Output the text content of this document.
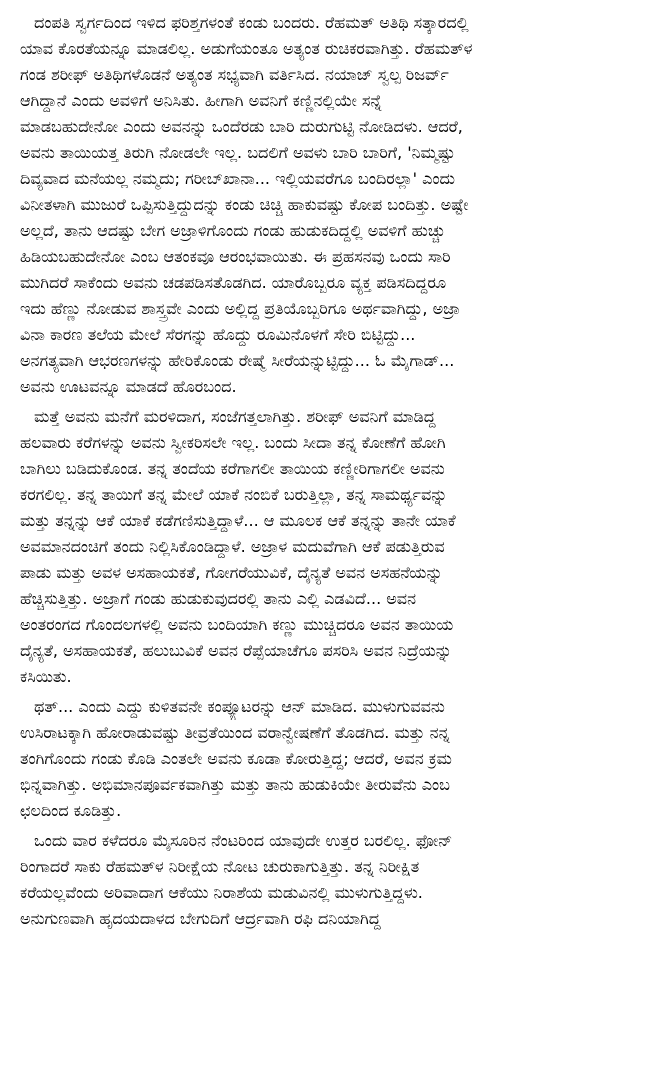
ದಂಪತಿ ಸ್ವರ್ಗದಿಂದ ಇಳಿದ ಫರಿಶ್ತಗಳಂತೆ ಕಂಡು ಬಂದರು. ರೆಹಮತ್ ಅತಿಥಿ ಸತ್ಕಾರದಲ್ಲಿ
ಯಾವ ಕೊರತೆಯನ್ನೂ ಮಾಡಲಿಲ್ಲ. ಅಡುಗೆಯಂತೂ ಅತ್ಯಂತ ರುಚಿಕರವಾಗಿತ್ತು. ರೆಹಮತ್‌ಳ
ಗಂಡ ಶರೀಫ್ ಅತಿಥಿಗಳೊಡನೆ ಅತ್ಯಂತ ಸಭ್ಯವಾಗಿ ವರ್ತಿಸಿದ. ನಯಾಜ್ ಸ್ವಲ್ಪ ರಿಜರ್ವ್
ಆಗಿದ್ದಾನೆ ಎಂದು ಅವಳಿಗೆ ಅನಿಸಿತು. ಹೀಗಾಗಿ ಅವನಿಗೆ ಕಣ್ಣಿನಲ್ಲಿಯೇ ಸನ್ನೆ
ಮಾಡಬಹುದೇನೋ ಎಂದು ಅವನನ್ನು ಒಂದೆರಡು ಬಾರಿ ದುರುಗುಟ್ಟಿ ನೋಡಿದಳು. ಆದರೆ,
ಅವನು ತಾಯಿಯತ್ತ ತಿರುಗಿ ನೋಡಲೇ ಇಲ್ಲ. ಬದಲಿಗೆ ಅವಳು ಬಾರಿ ಬಾರಿಗೆ, 'ನಿಮ್ಮಷ್ಟು
ದಿವ್ಯವಾದ ಮನೆಯಲ್ಲ ನಮ್ಮದು; ಗರೀಬ್‌ಖಾನಾ... ಇಲ್ಲಿಯವರೆಗೂ ಬಂದಿರಲ್ಲಾ' ಎಂದು
ವಿನೀತಳಾಗಿ ಮುಜುರೆ ಒಪ್ಪಿಸುತ್ತಿದ್ದುದನ್ನು ಕಂಡು ಚಿಚ್ಚಿ ಹಾಕುವಷ್ಟು ಕೋಪ ಬಂದಿತ್ತು. ಅಷ್ಟೇ
ಅಲ್ಲದೆ, ತಾನು ಆದಷ್ಟು ಬೇಗ ಅಜ್ರಾಳಿಗೊಂದು ಗಂಡು ಹುಡುಕದಿದ್ದಲ್ಲಿ ಅವಳಿಗೆ ಹುಚ್ಚು
ಹಿಡಿಯಬಹುದೇನೋ ಎಂಬ ಆತಂಕವೂ ಆರಂಭವಾಯಿತು. ಈ ಪ್ರಹಸನವು ಒಂದು ಸಾರಿ
ಮುಗಿದರೆ ಸಾಕೆಂದು ಅವನು ಚಡಪಡಿಸತೊಡಗಿದ. ಯಾರೊಬ್ಬರೂ ವ್ಯಕ್ತ ಪಡಿಸದಿದ್ದರೂ
ಇದು ಹೆಣ್ಣು ನೋಡುವ ಶಾಸ್ತ್ರವೇ ಎಂದು ಅಲ್ಲಿದ್ದ ಪ್ರತಿಯೊಬ್ಬರಿಗೂ ಅರ್ಥವಾಗಿದ್ದು, ಅಜ್ರಾ
ವಿನಾ ಕಾರಣ ತಲೆಯ ಮೇಲೆ ಸೆರಗನ್ನು ಹೊದ್ದು ರೂಮಿನೊಳಗೆ ಸೇರಿ ಬಿಟ್ಟಿದ್ದು...
ಅನಗತ್ಯವಾಗಿ ಆಭರಣಗಳನ್ನು ಹೇರಿಕೊಂಡು ರೇಷ್ಮೆ ಸೀರೆಯನ್ನುಟ್ಟಿದ್ದು... ಓ ಮೈಗಾಡ್...
ಅವನು ಊಟವನ್ನೂ ಮಾಡದೆ ಹೊರಬಂದ.
ಮತ್ತೆ ಅವನು ಮನೆಗೆ ಮರಳಿದಾಗ, ಸಂಜೆಗತ್ತಲಾಗಿತ್ತು. ಶರೀಫ್ ಅವನಿಗೆ ಮಾಡಿದ್ದ
ಹಲವಾರು ಕರೆಗಳನ್ನು ಅವನು ಸ್ವೀಕರಿಸಲೇ ಇಲ್ಲ. ಬಂದು ಸೀದಾ ತನ್ನ ಕೋಣೆಗೆ ಹೋಗಿ
ಬಾಗಿಲು ಬಡಿದುಕೊಂಡ. ತನ್ನ ತಂದೆಯ ಕರೆಗಾಗಲೀ ತಾಯಿಯ ಕಣ್ಣೀರಿಗಾಗಲೀ ಅವನು
ಕರಗಲಿಲ್ಲ. ತನ್ನ ತಾಯಿಗೆ ತನ್ನ ಮೇಲೆ ಯಾಕೆ ನಂಬಿಕೆ ಬರುತ್ತಿಲ್ಲಾ, ತನ್ನ ಸಾಮರ್ಥ್ಯವನ್ನು
ಮತ್ತು ತನ್ನನ್ನು ಆಕೆ ಯಾಕೆ ಕಡೆಗಣಿಸುತ್ತಿದ್ದಾಳೆ... ಆ ಮೂಲಕ ಆಕೆ ತನ್ನನ್ನು ತಾನೇ ಯಾಕೆ
ಅವಮಾನದಂಚಿಗೆ ತಂದು ನಿಲ್ಲಿಸಿಕೊಂಡಿದ್ದಾಳೆ. ಅಜ್ರಾಳ ಮದುವೆಗಾಗಿ ಆಕೆ ಪಡುತ್ತಿರುವ
ಪಾಡು ಮತ್ತು ಅವಳ ಅಸಹಾಯಕತೆ, ಗೋಗರೆಯುವಿಕೆ, ದೈನ್ಯತೆ ಅವನ ಅಸಹನೆಯನ್ನು
ಹೆಚ್ಚಿಸುತ್ತಿತ್ತು. ಅಜ್ರಾಗೆ ಗಂಡು ಹುಡುಕುವುದರಲ್ಲಿ ತಾನು ಎಲ್ಲಿ ಎಡವಿದೆ... ಅವನ
ಅಂತರಂಗದ ಗೊಂದಲಗಳಲ್ಲಿ ಅವನು ಬಂದಿಯಾಗಿ ಕಣ್ಣು ಮುಚ್ಚಿದರೂ ಅವನ ತಾಯಿಯ
ದೈನ್ಯತೆ, ಅಸಹಾಯಕತೆ, ಹಲುಬುವಿಕೆ ಅವನ ರೆಪ್ಪೆಯಾಚೆಗೂ ಪಸರಿಸಿ ಅವನ ನಿದ್ರೆಯನ್ನು
ಕಸಿಯಿತು.
ಥತ್... ಎಂದು ಎದ್ದು ಕುಳಿತವನೇ ಕಂಪ್ಯೂಟರನ್ನು ಆನ್ ಮಾಡಿದ. ಮುಳುಗುವವನು
ಉಸಿರಾಟಕ್ಕಾಗಿ ಹೋರಾಡುವಷ್ಟು ತೀವ್ರತೆಯಿಂದ ವರಾನ್ವೇಷಣೆಗೆ ತೊಡಗಿದ. ಮತ್ತು ನನ್ನ
ತಂಗಿಗೊಂದು ಗಂಡು ಕೊಡಿ ಎಂತಲೇ ಅವನು ಕೂಡಾ ಕೋರುತ್ತಿದ್ದ; ಆದರೆ, ಅವನ ಕ್ರಮ
ಭಿನ್ನವಾಗಿತ್ತು. ಅಭಿಮಾನಪೂರ್ವಕವಾಗಿತ್ತು ಮತ್ತು ತಾನು ಹುಡುಕಿಯೇ ತೀರುವೆನು ಎಂಬ
ಛಲದಿಂದ ಕೂಡಿತ್ತು.
ಒಂದು ವಾರ ಕಳೆದರೂ ಮೈಸೂರಿನ ನೆಂಟರಿಂದ ಯಾವುದೇ ಉತ್ತರ ಬರಲಿಲ್ಲ. ಫೋನ್
ರಿಂಗಾದರೆ ಸಾಕು ರೆಹಮತ್‌ಳ ನಿರೀಕ್ಷೆಯ ನೋಟ ಚುರುಕಾಗುತ್ತಿತ್ತು. ತನ್ನ ನಿರೀಕ್ಷಿತ
ಕರೆಯಲ್ಲವೆಂದು ಅರಿವಾದಾಗ ಆಕೆಯು ನಿರಾಶೆಯ ಮಡುವಿನಲ್ಲಿ ಮುಳುಗುತ್ತಿದ್ದಳು.
ಅನುಗುಣವಾಗಿ ಹೃದಯದಾಳದ ಬೇಗುದಿಗೆ ಆರ್ದ್ರವಾಗಿ ರಫಿ ದನಿಯಾಗಿದ್ದ
